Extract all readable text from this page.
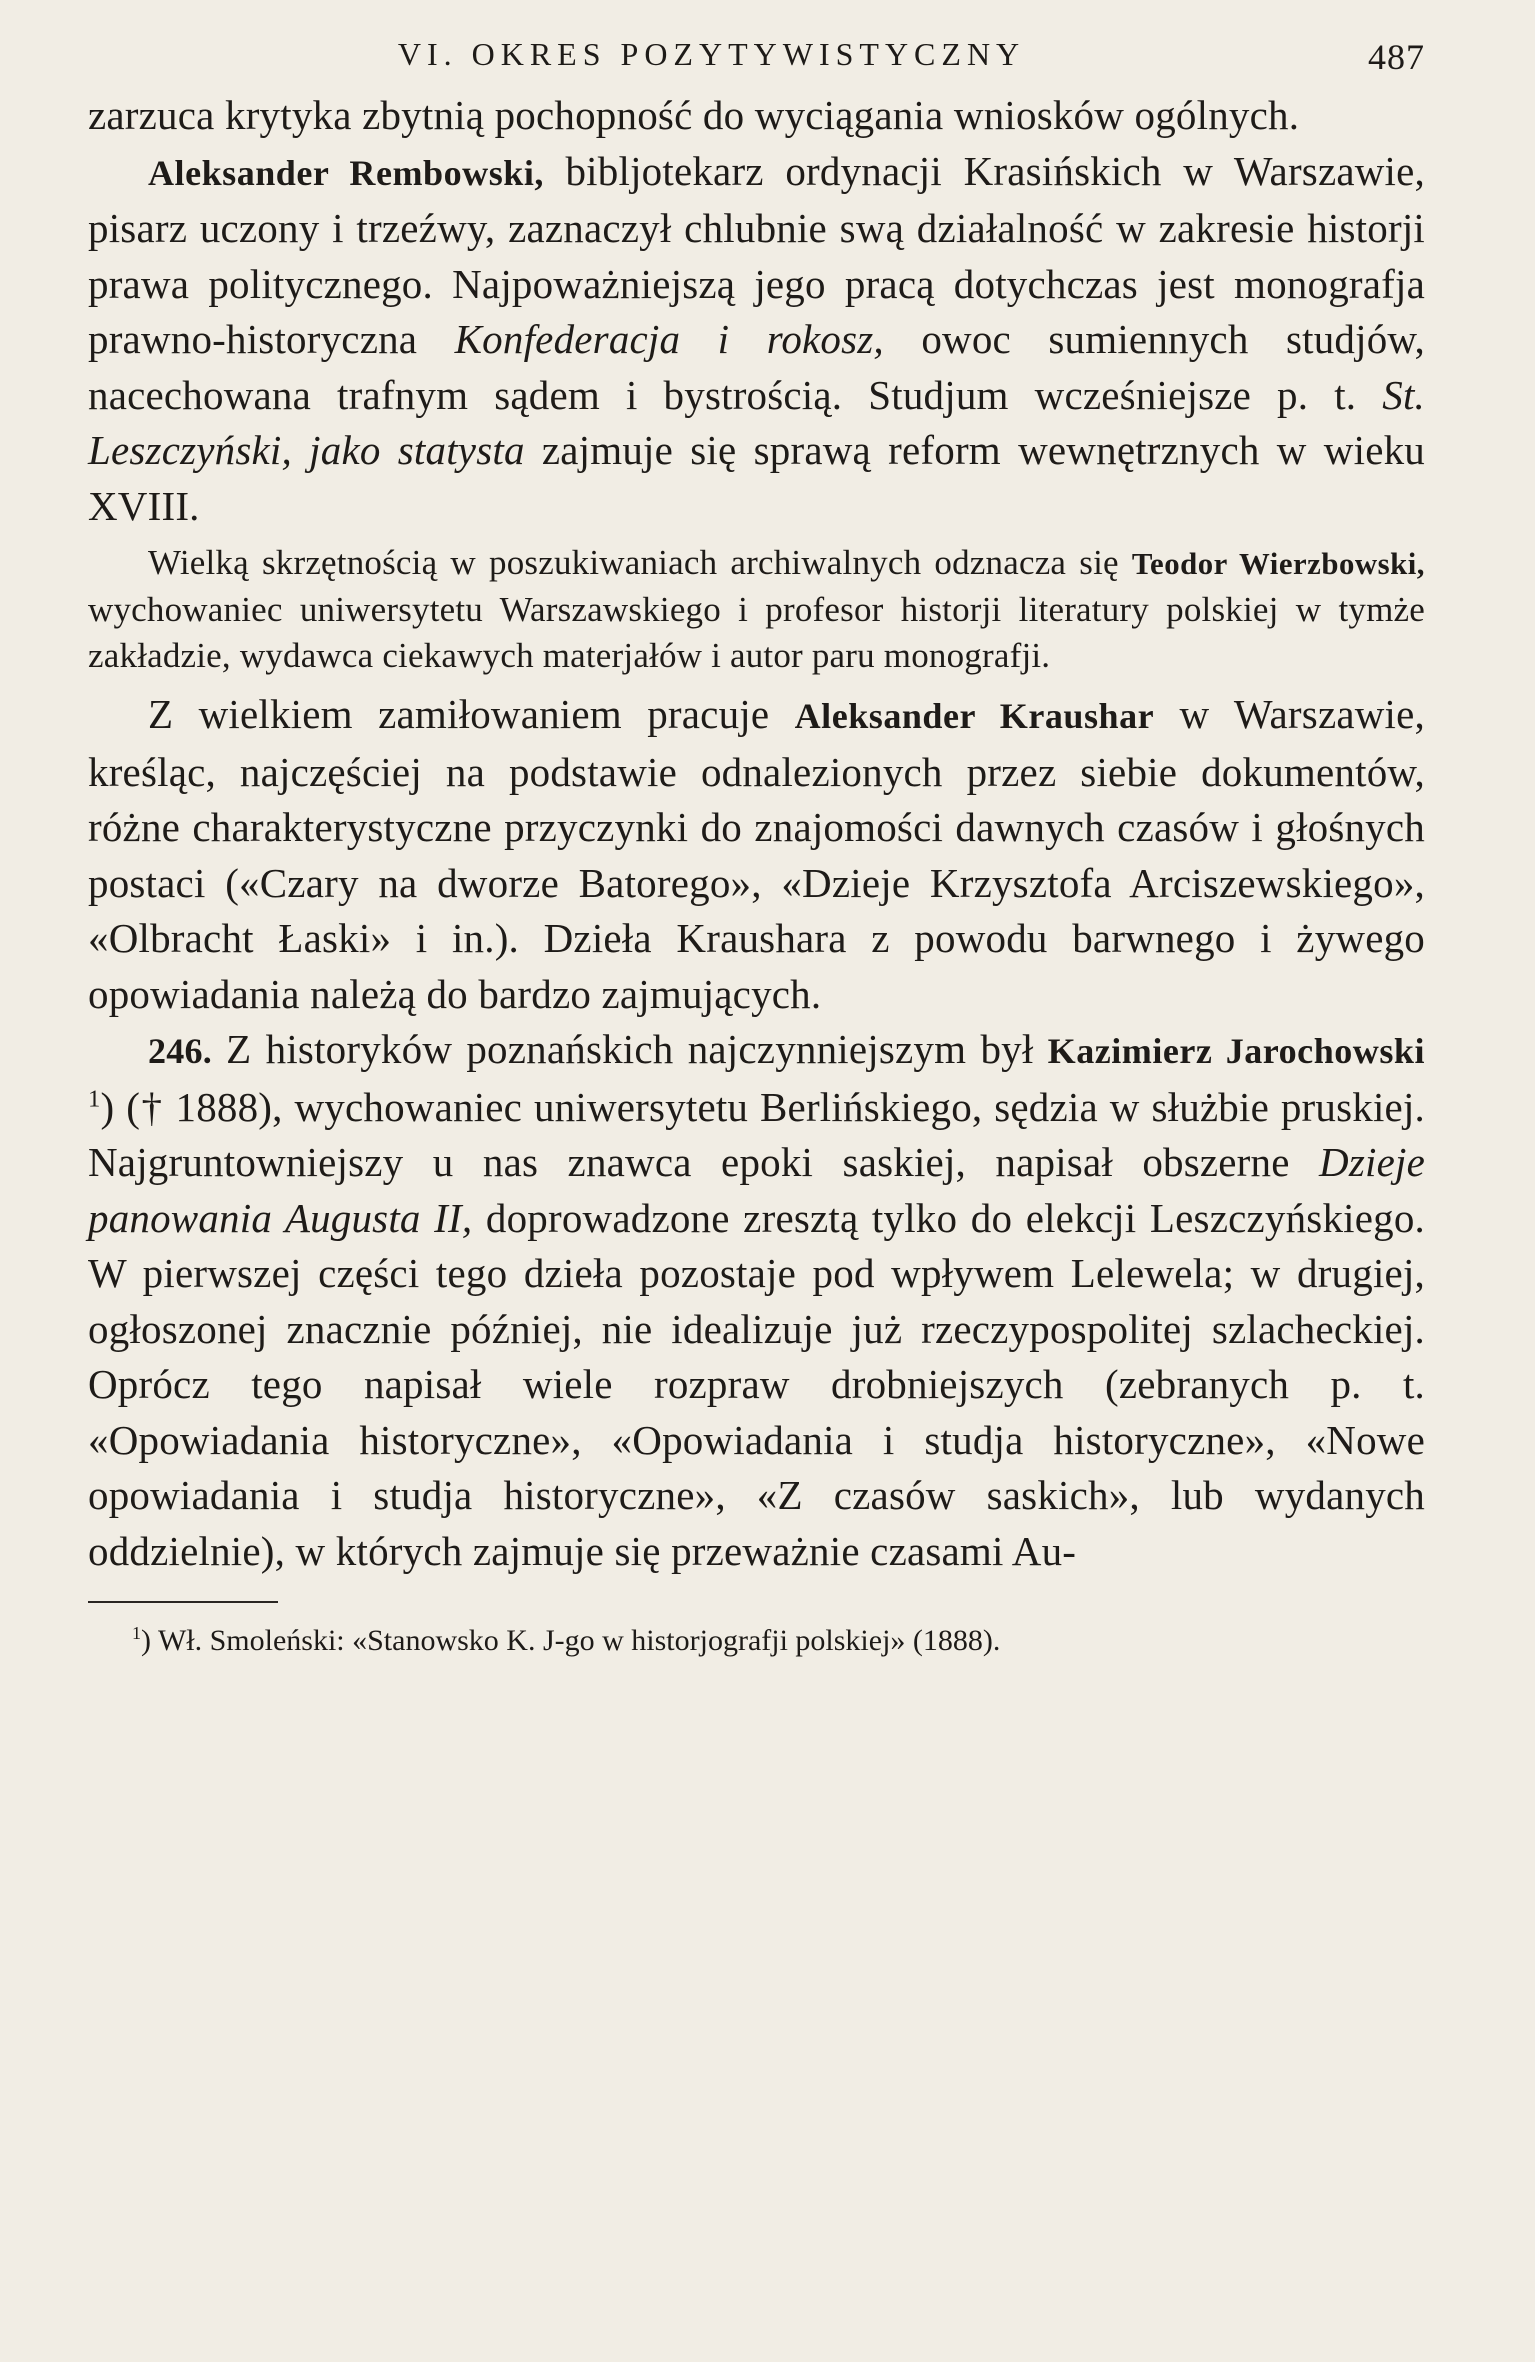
VI. OKRES POZYTYWISTYCZNY	487

zarzuca krytyka zbytnią pochopność do wyciągania wniosków ogólnych.

Aleksander Rembowski, bibljotekarz ordynacji Krasińskich w Warszawie, pisarz uczony i trzeźwy, zaznaczył chlubnie swą działalność w zakresie historji prawa politycznego. Najpoważniejszą jego pracą dotychczas jest monografja prawno-historyczna Konfederacja i rokosz, owoc sumiennych studjów, nacechowana trafnym sądem i bystrością. Studjum wcześniejsze p. t. St. Leszczyński, jako statysta zajmuje się sprawą reform wewnętrznych w wieku XVIII.

Wielką skrzętnością w poszukiwaniach archiwalnych odznacza się Teodor Wierzbowski, wychowaniec uniwersytetu Warszawskiego i profesor historji literatury polskiej w tymże zakładzie, wydawca ciekawych materjałów i autor paru monografji.

Z wielkiem zamiłowaniem pracuje Aleksander Kraushar w Warszawie, kreśląc, najczęściej na podstawie odnalezionych przez siebie dokumentów, różne charakterystyczne przyczynki do znajomości dawnych czasów i głośnych postaci («Czary na dworze Batorego», «Dzieje Krzysztofa Arciszewskiego», «Olbracht Łaski» i in.). Dzieła Kraushara z powodu barwnego i żywego opowiadania należą do bardzo zajmujących.

246. Z historyków poznańskich najczynniejszym był Kazimierz Jarochowski $^1$) († 1888), wychowaniec uniwersytetu Berlińskiego, sędzia w służbie pruskiej. Najgruntowniejszy u nas znawca epoki saskiej, napisał obszerne Dzieje panowania Augusta II, doprowadzone zresztą tylko do elekcji Leszczyńskiego. W pierwszej części tego dzieła pozostaje pod wpływem Lelewela; w drugiej, ogłoszonej znacznie później, nie idealizuje już rzeczypospolitej szlacheckiej. Oprócz tego napisał wiele rozpraw drobniejszych (zebranych p. t. «Opowiadania historyczne», «Opowiadania i studja historyczne», «Nowe opowiadania i studja historyczne», «Z czasów saskich», lub wydanych oddzielnie), w których zajmuje się przeważnie czasami Au-

$^1$) Wł. Smoleński: «Stanowsko K. J-go w historjografji polskiej» (1888).
